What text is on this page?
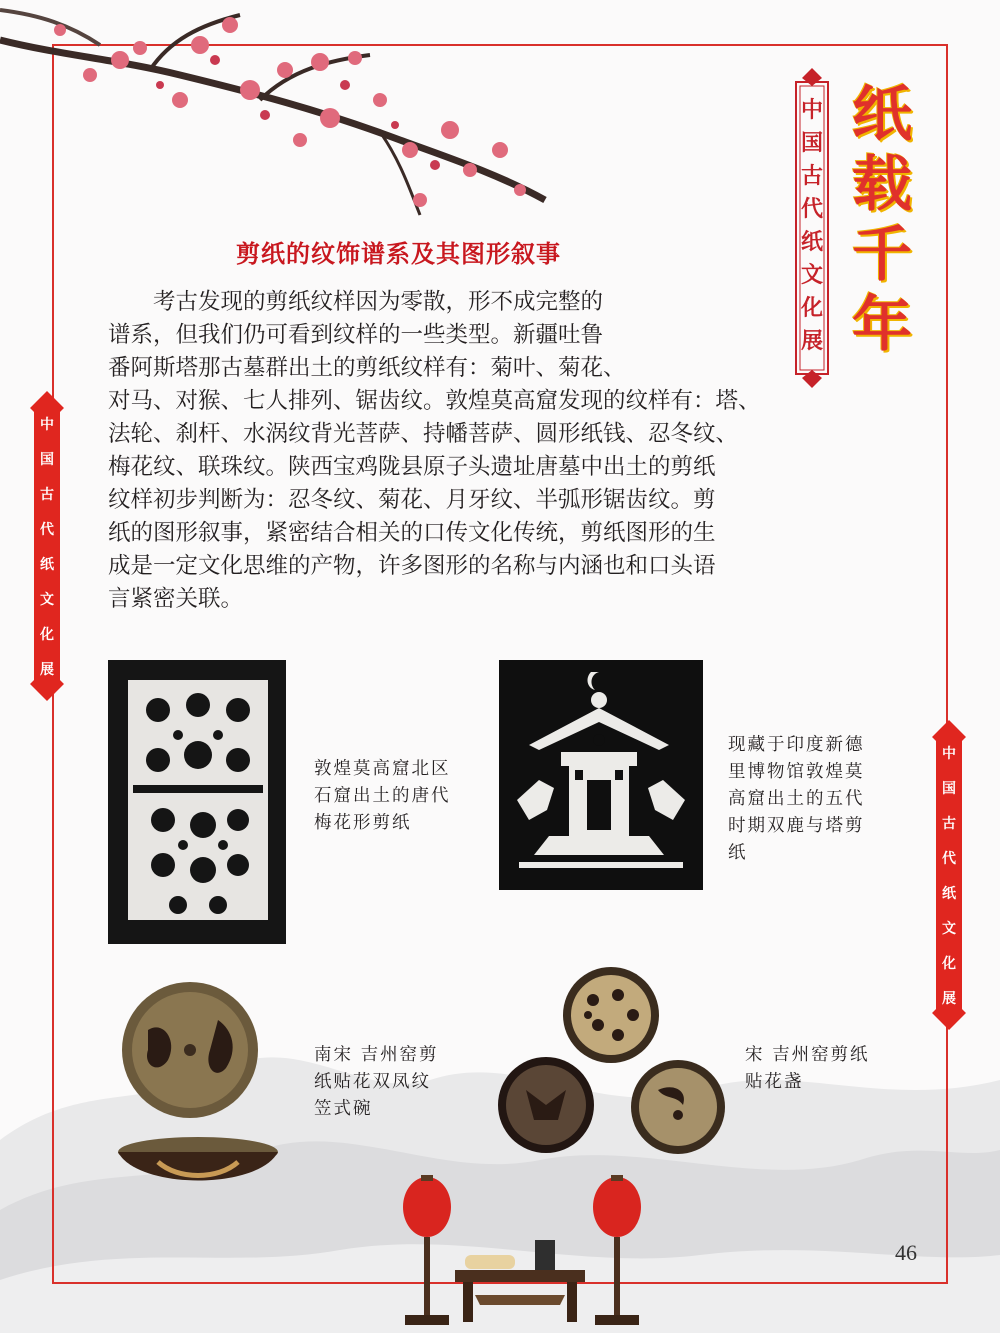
中
国
古
代
纸
文
化
展
纸
载
千
年
中
国
古
代
纸
文
化
展
中
国
古
代
纸
文
化
展
剪纸的纹饰谱系及其图形叙事

　　考古发现的剪纸纹样因为零散，形不成完整的

谱系，但我们仍可看到纹样的一些类型。新疆吐鲁

番阿斯塔那古墓群出土的剪纸纹样有：菊叶、菊花、

对马、对猴、七人排列、锯齿纹。敦煌莫高窟发现的纹样有：塔、

法轮、刹杆、水涡纹背光菩萨、持幡菩萨、圆形纸钱、忍冬纹、

梅花纹、联珠纹。陕西宝鸡陇县原子头遗址唐墓中出土的剪纸

纹样初步判断为：忍冬纹、菊花、月牙纹、半弧形锯齿纹。剪

纸的图形叙事，紧密结合相关的口传文化传统，剪纸图形的生

成是一定文化思维的产物，许多图形的名称与内涵也和口头语

言紧密关联。

敦煌莫高窟北区
石窟出土的唐代
梅花形剪纸
现藏于印度新德
里博物馆敦煌莫
高窟出土的五代
时期双鹿与塔剪
纸
南宋 吉州窑剪
纸贴花双凤纹
笠式碗
宋 吉州窑剪纸
贴花盏
46
